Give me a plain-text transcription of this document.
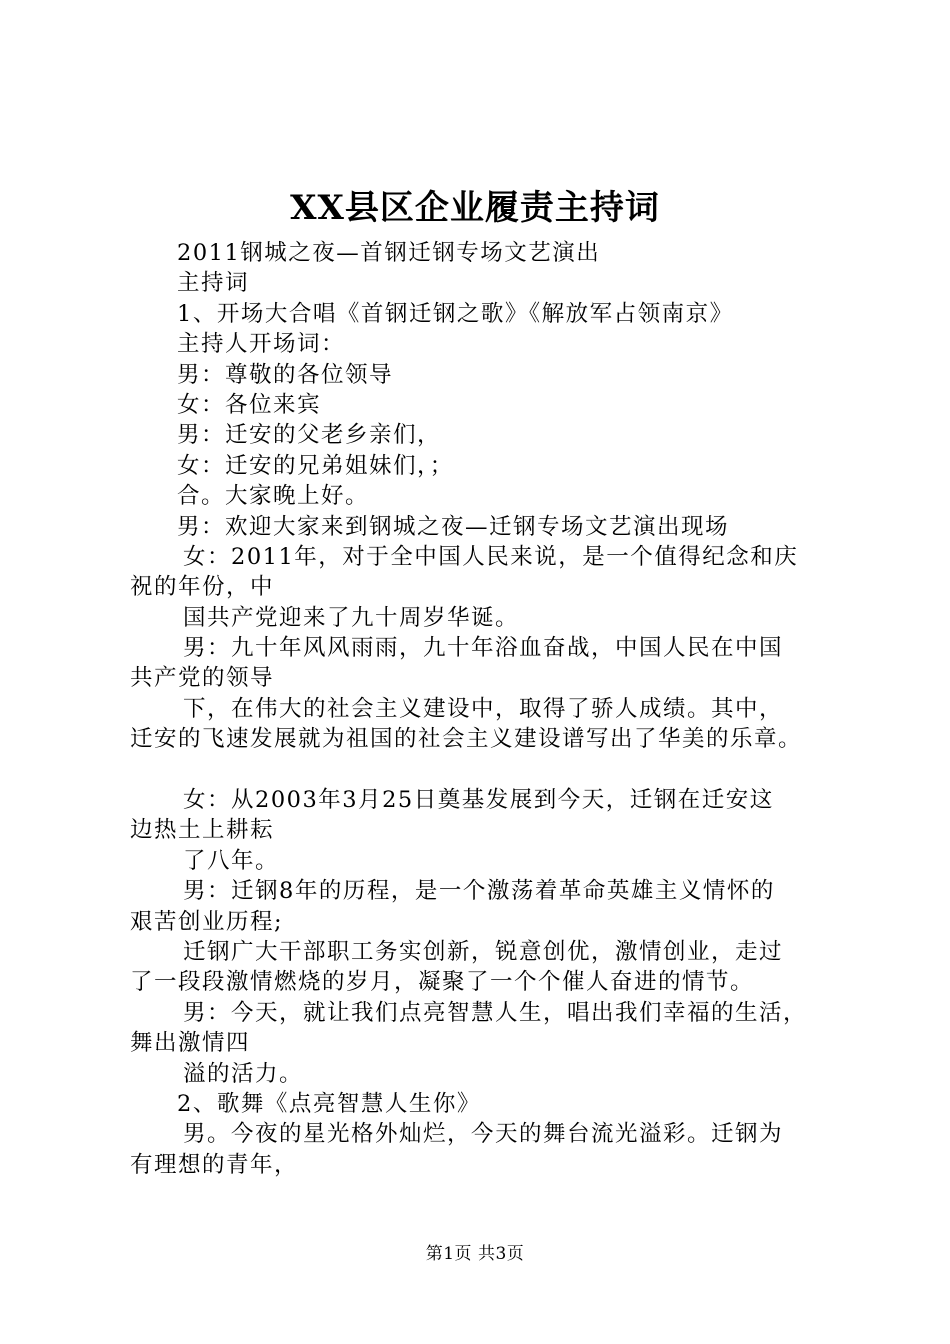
XX县区企业履责主持词
2011钢城之夜—首钢迁钢专场文艺演出
主持词
1、开场大合唱《首钢迁钢之歌》《解放军占领南京》
主持人开场词：
男：尊敬的各位领导
女：各位来宾
男：迁安的父老乡亲们，
女：迁安的兄弟姐妹们，；
合。大家晚上好。
男：欢迎大家来到钢城之夜—迁钢专场文艺演出现场
女：2011年，对于全中国人民来说，是一个值得纪念和庆
祝的年份，中
国共产党迎来了九十周岁华诞。
男：九十年风风雨雨，九十年浴血奋战，中国人民在中国
共产党的领导
下，在伟大的社会主义建设中，取得了骄人成绩。其中，
迁安的飞速发展就为祖国的社会主义建设谱写出了华美的乐章。
女：从2003年3月25日奠基发展到今天，迁钢在迁安这
边热土上耕耘
了八年。
男：迁钢8年的历程，是一个激荡着革命英雄主义情怀的
艰苦创业历程;
迁钢广大干部职工务实创新，锐意创优，激情创业，走过
了一段段激情燃烧的岁月，凝聚了一个个催人奋进的情节。
男：今天，就让我们点亮智慧人生，唱出我们幸福的生活，
舞出激情四
溢的活力。
2、歌舞《点亮智慧人生你》
男。今夜的星光格外灿烂，今天的舞台流光溢彩。迁钢为
有理想的青年，
第1页 共3页
